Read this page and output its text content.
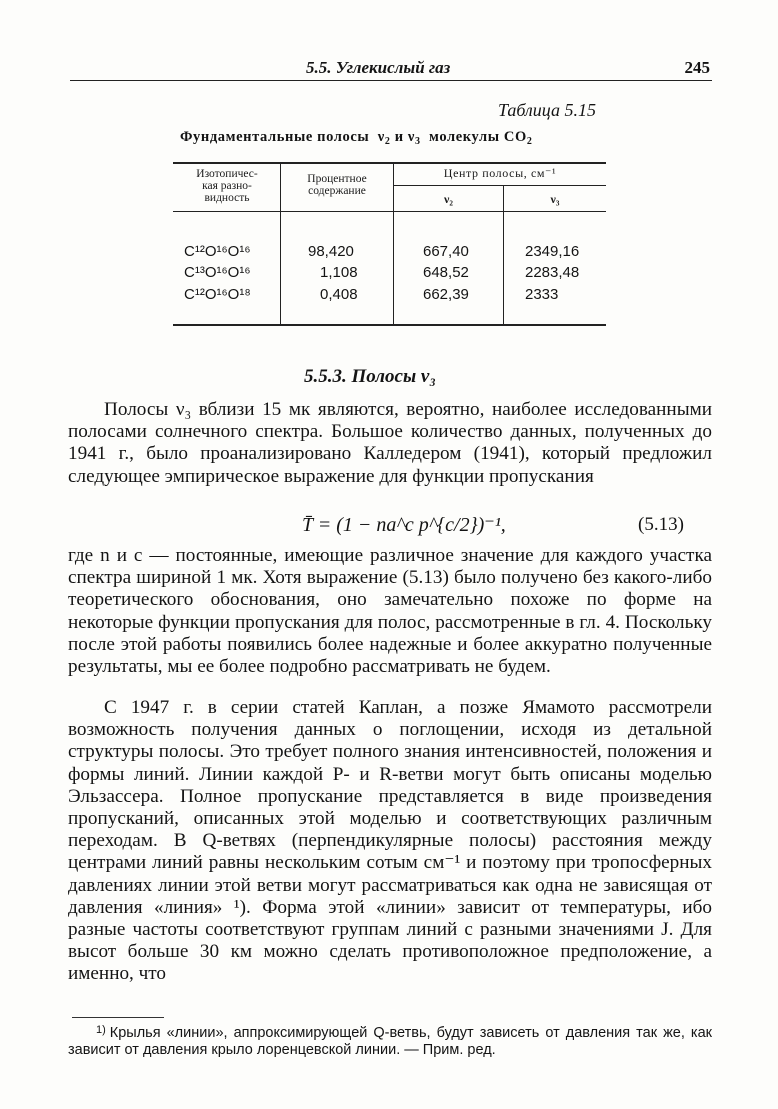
5.5. Углекислый газ	245
Таблица 5.15
Фундаментальные полосы $\nu_2$ и $\nu_3$ молекулы $CO_2$
Изотопичес-
кая разно-
видность
Процентное
содержание
Центр полосы, см⁻¹
ν₂	ν₃
C¹²O¹⁶O¹⁶	98,420	667,40	2349,16
C¹³O¹⁶O¹⁶	1,108	648,52	2283,48
C¹²O¹⁶O¹⁸	0,408	662,39	2333
5.5.3. Полосы ν₃

Полосы ν₃ вблизи 15 мк являются, вероятно, наиболее исследованными полосами солнечного спектра. Большое количество данных, полученных до 1941 г., было проанализировано Калледером (1941), который предложил следующее эмпирическое выражение для функции пропускания

T̄ = (1 − na^c p^{c/2})⁻¹,	(5.13)

где n и c — постоянные, имеющие различное значение для каждого участка спектра шириной 1 мк. Хотя выражение (5.13) было получено без какого-либо теоретического обоснования, оно замечательно похоже по форме на некоторые функции пропускания для полос, рассмотренные в гл. 4. Поскольку после этой работы появились более надежные и более аккуратно полученные результаты, мы ее более подробно рассматривать не будем.

С 1947 г. в серии статей Каплан, а позже Ямамото рассмотрели возможность получения данных о поглощении, исходя из детальной структуры полосы. Это требует полного знания интенсивностей, положения и формы линий. Линии каждой P- и R-ветви могут быть описаны моделью Эльзассера. Полное пропускание представляется в виде произведения пропусканий, описанных этой моделью и соответствующих различным переходам. В Q-ветвях (перпендикулярные полосы) расстояния между центрами линий равны нескольким сотым см⁻¹ и поэтому при тропосферных давлениях линии этой ветви могут рассматриваться как одна не зависящая от давления «линия» ¹). Форма этой «линии» зависит от температуры, ибо разные частоты соответствуют группам линий с разными значениями J. Для высот больше 30 км можно сделать противоположное предположение, а именно, что

$^{1)}$ Крылья «линии», аппроксимирующей Q-ветвь, будут зависеть от давления так же, как зависит от давления крыло лоренцевской линии. — Прим. ред.
